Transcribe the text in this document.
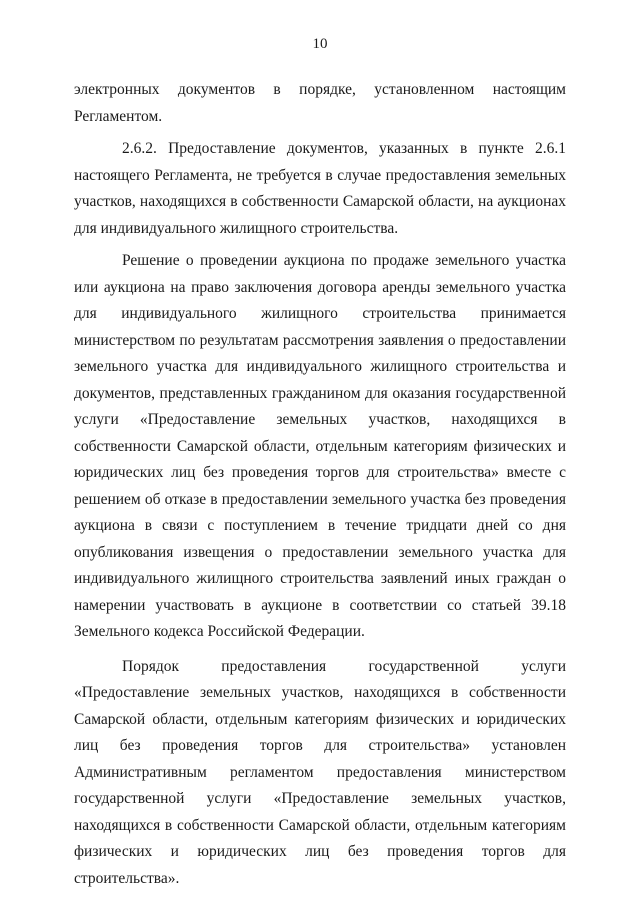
10

электронных документов в порядке, установленном настоящим Регламентом.

2.6.2. Предоставление документов, указанных в пункте 2.6.1 настоящего Регламента, не требуется в случае предоставления земельных участков, находящихся в собственности Самарской области, на аукционах для индивидуального жилищного строительства.

Решение о проведении аукциона по продаже земельного участка или аукциона на право заключения договора аренды земельного участка для индивидуального жилищного строительства принимается министерством по результатам рассмотрения заявления о предоставлении земельного участка для индивидуального жилищного строительства и документов, представленных гражданином для оказания государственной услуги «Предоставление земельных участков, находящихся в собственности Самарской области, отдельным категориям физических и юридических лиц без проведения торгов для строительства» вместе с решением об отказе в предоставлении земельного участка без проведения аукциона в связи с поступлением в течение тридцати дней со дня опубликования извещения о предоставлении земельного участка для индивидуального жилищного строительства заявлений иных граждан о намерении участвовать в аукционе в соответствии со статьей 39.18 Земельного кодекса Российской Федерации.

Порядок предоставления государственной услуги «Предоставление земельных участков, находящихся в собственности Самарской области, отдельным категориям физических и юридических лиц без проведения торгов для строительства» установлен Административным регламентом предоставления министерством государственной услуги «Предоставление земельных участков, находящихся в собственности Самарской области, отдельным категориям физических и юридических лиц без проведения торгов для строительства».
